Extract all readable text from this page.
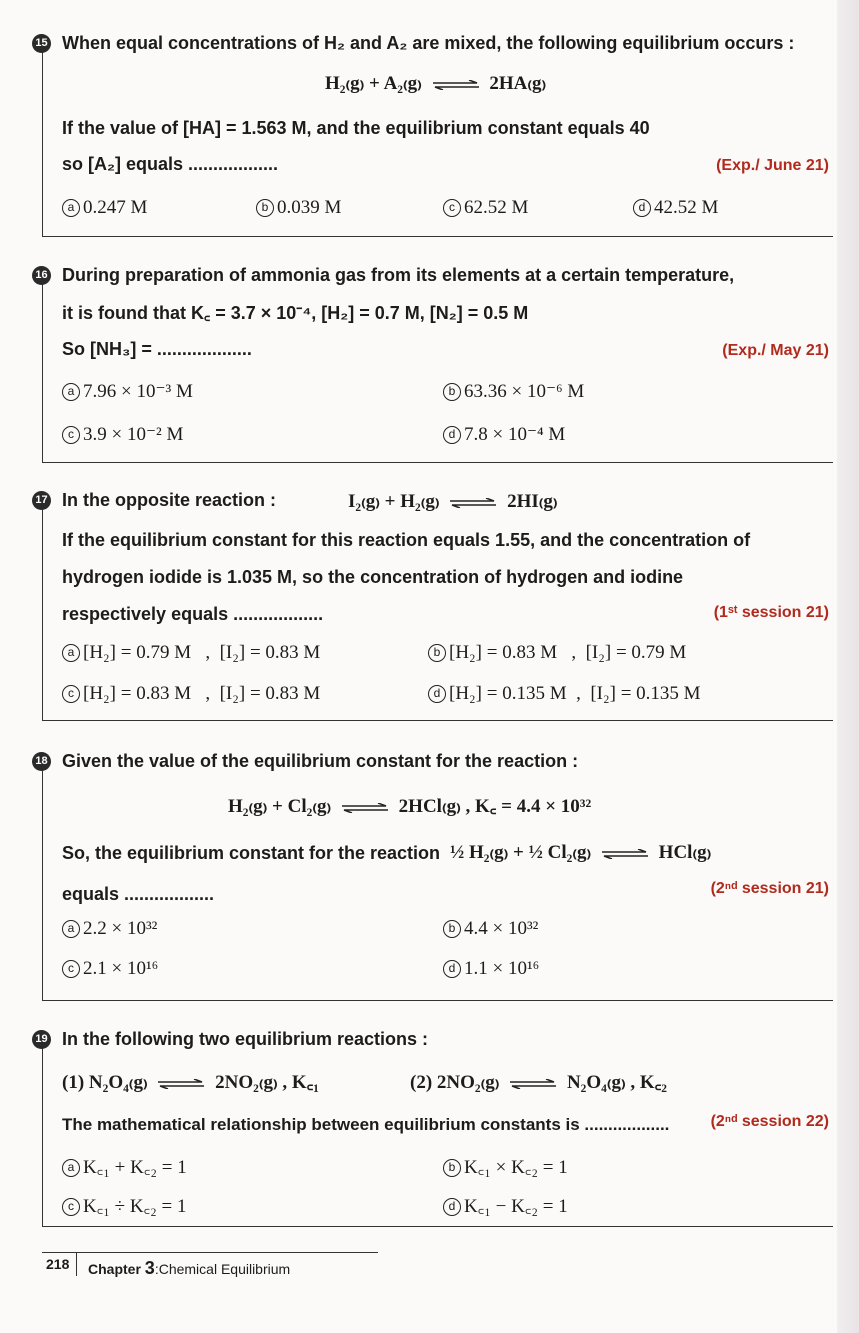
15 When equal concentrations of H₂ and A₂ are mixed, the following equilibrium occurs :
H₂₍g₎ + A₂₍g₎ ⇌ 2HA₍g₎
If the value of [HA] = 1.563 M, and the equilibrium constant equals 40
so [A₂] equals ..................	(Exp./ June 21)
a 0.247 M	b 0.039 M	c 62.52 M	d 42.52 M
16 During preparation of ammonia gas from its elements at a certain temperature,
it is found that K꜀ = 3.7 × 10⁻⁴, [H₂] = 0.7 M, [N₂] = 0.5 M
So [NH₃] = ...................	(Exp./ May 21)
a 7.96 × 10⁻³ M	b 63.36 × 10⁻⁶ M
c 3.9 × 10⁻² M	d 7.8 × 10⁻⁴ M
17 In the opposite reaction :	I₂₍g₎ + H₂₍g₎ ⇌ 2HI₍g₎
If the equilibrium constant for this reaction equals 1.55, and the concentration of
hydrogen iodide is 1.035 M, so the concentration of hydrogen and iodine
respectively equals ..................	(1ˢᵗ session 21)
a [H₂] = 0.79 M   ,  [I₂] = 0.83 M	b [H₂] = 0.83 M   ,  [I₂] = 0.79 M
c [H₂] = 0.83 M   ,  [I₂] = 0.83 M	d [H₂] = 0.135 M  ,  [I₂] = 0.135 M
18 Given the value of the equilibrium constant for the reaction :
H₂₍g₎ + Cl₂₍g₎ ⇌ 2HCl₍g₎ , K꜀ = 4.4 × 10³²
So, the equilibrium constant for the reaction ½ H₂₍g₎ + ½ Cl₂₍g₎ ⇌ HCl₍g₎
equals ..................	(2ⁿᵈ session 21)
a 2.2 × 10³²	b 4.4 × 10³²
c 2.1 × 10¹⁶	d 1.1 × 10¹⁶
19 In the following two equilibrium reactions :
(1) N₂O₄₍g₎ ⇌ 2NO₂₍g₎ , K꜀₁	(2) 2NO₂₍g₎ ⇌ N₂O₄₍g₎ , K꜀₂
The mathematical relationship between equilibrium constants is ..................	(2ⁿᵈ session 22)
a K꜀₁ + K꜀₂ = 1	b K꜀₁ × K꜀₂ = 1
c K꜀₁ ÷ K꜀₂ = 1	d K꜀₁ − K꜀₂ = 1
218 Chapter 3:Chemical Equilibrium
